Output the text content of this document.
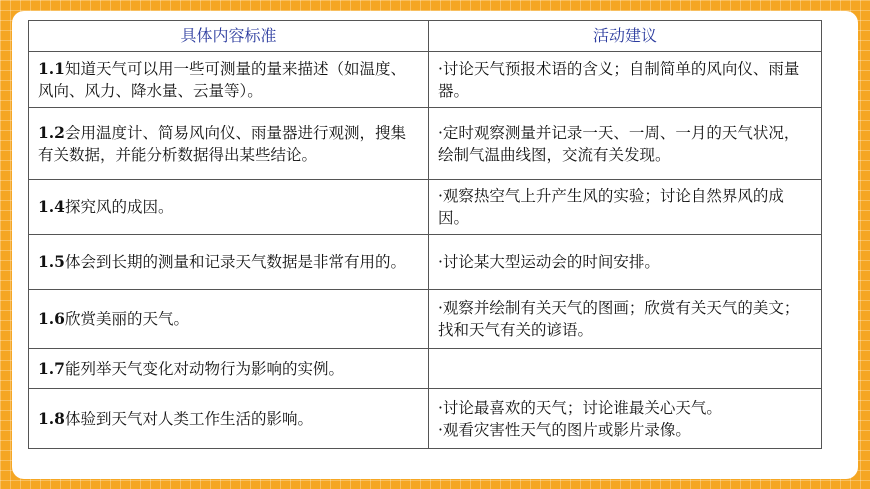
具体内容标准	活动建议
1.1知道天气可以用一些可测量的量来描述（如温度、风向、风力、降水量、云量等）。	·讨论天气预报术语的含义；自制简单的风向仪、雨量器。
1.2会用温度计、简易风向仪、雨量器进行观测，搜集有关数据，并能分析数据得出某些结论。	·定时观察测量并记录一天、一周、一月的天气状况，绘制气温曲线图，交流有关发现。
1.4探究风的成因。	·观察热空气上升产生风的实验；讨论自然界风的成因。
1.5体会到长期的测量和记录天气数据是非常有用的。	·讨论某大型运动会的时间安排。
1.6欣赏美丽的天气。	·观察并绘制有关天气的图画；欣赏有关天气的美文；找和天气有关的谚语。
1.7能列举天气变化对动物行为影响的实例。	
1.8体验到天气对人类工作生活的影响。	·讨论最喜欢的天气；讨论谁最关心天气。
·观看灾害性天气的图片或影片录像。
